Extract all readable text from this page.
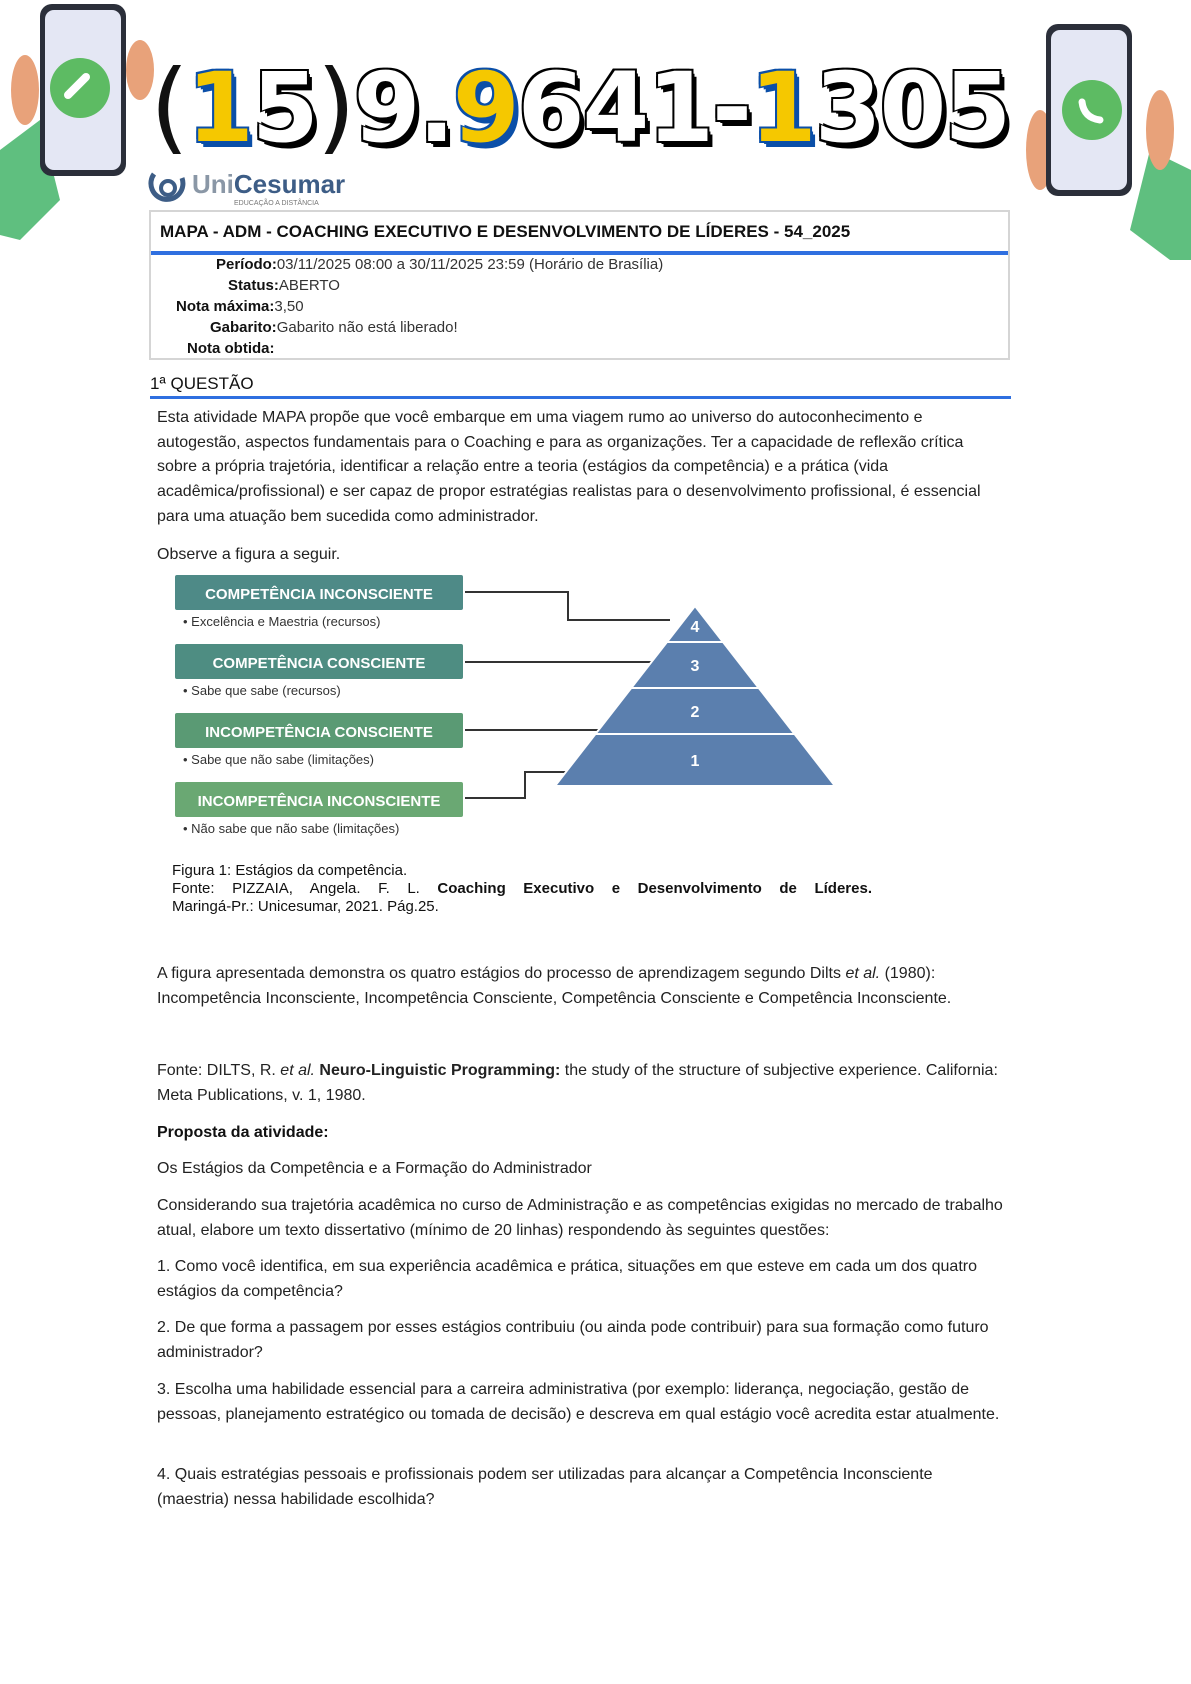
(15)9.9641-1305
UniCesumar
EDUCAÇÃO A DISTÂNCIA
MAPA - ADM - COACHING EXECUTIVO E DESENVOLVIMENTO DE LÍDERES - 54_2025
Período:03/11/2025 08:00 a 30/11/2025 23:59 (Horário de Brasília)
Status:ABERTO
Nota máxima:3,50
Gabarito:Gabarito não está liberado!
Nota obtida:
1ª QUESTÃO
Esta atividade MAPA propõe que você embarque em uma viagem rumo ao universo do autoconhecimento e autogestão, aspectos fundamentais para o Coaching e para as organizações. Ter a capacidade de reflexão crítica sobre a própria trajetória, identificar a relação entre a teoria (estágios da competência) e a prática (vida acadêmica/profissional) e ser capaz de propor estratégias realistas para o desenvolvimento profissional, é essencial para uma atuação bem sucedida como administrador.
Observe a figura a seguir.
4
3
2
1
COMPETÊNCIA INCONSCIENTE
• Excelência e Maestria (recursos)
COMPETÊNCIA CONSCIENTE
• Sabe que sabe (recursos)
INCOMPETÊNCIA CONSCIENTE
• Sabe que não sabe (limitações)
INCOMPETÊNCIA INCONSCIENTE
• Não sabe que não sabe (limitações)
Figura 1: Estágios da competência.
Fonte: PIZZAIA, Angela. F. L. Coaching Executivo e Desenvolvimento de Líderes.
Maringá-Pr.: Unicesumar, 2021. Pág.25.
A figura apresentada demonstra os quatro estágios do processo de aprendizagem segundo Dilts et al. (1980): Incompetência Inconsciente, Incompetência Consciente, Competência Consciente e Competência Inconsciente.
Fonte: DILTS, R. et al. Neuro-Linguistic Programming: the study of the structure of subjective experience. California: Meta Publications, v. 1, 1980.
Proposta da atividade:
Os Estágios da Competência e a Formação do Administrador
Considerando sua trajetória acadêmica no curso de Administração e as competências exigidas no mercado de trabalho atual, elabore um texto dissertativo (mínimo de 20 linhas) respondendo às seguintes questões:
1. Como você identifica, em sua experiência acadêmica e prática, situações em que esteve em cada um dos quatro estágios da competência?
2. De que forma a passagem por esses estágios contribuiu (ou ainda pode contribuir) para sua formação como futuro administrador?
3. Escolha uma habilidade essencial para a carreira administrativa (por exemplo: liderança, negociação, gestão de pessoas, planejamento estratégico ou tomada de decisão) e descreva em qual estágio você acredita estar atualmente.
4. Quais estratégias pessoais e profissionais podem ser utilizadas para alcançar a Competência Inconsciente (maestria) nessa habilidade escolhida?
